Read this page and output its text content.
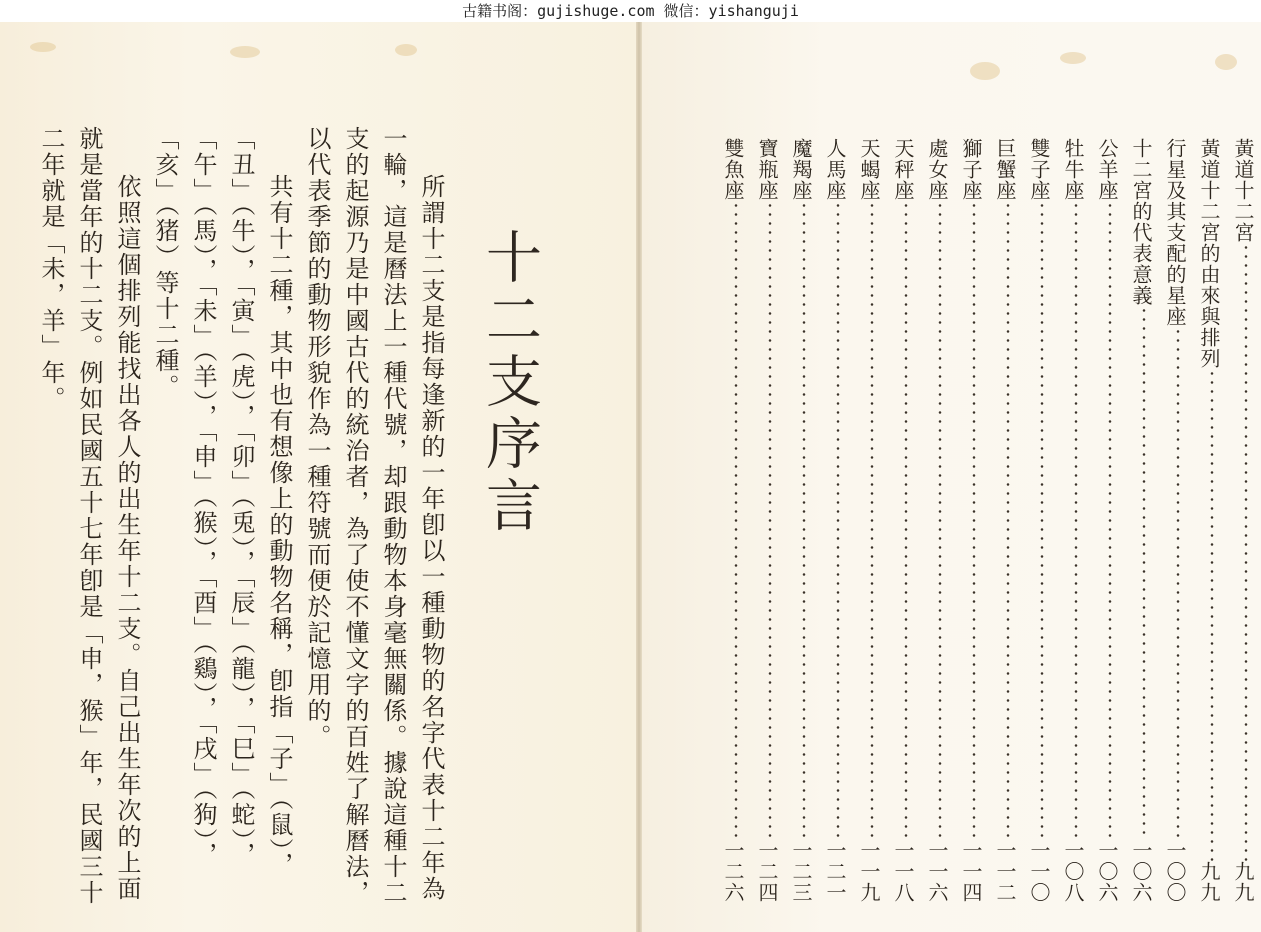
古籍书阁：gujishuge.com 微信：yishanguji
十二支序言

所謂十二支是指每逢新的一年卽以一種動物的名字代表十二年為一輪，這是曆法上一種代號，却跟動物本身毫無關係。據說這種十二支的起源乃是中國古代的統治者，為了使不懂文字的百姓了解曆法，以代表季節的動物形貌作為一種符號而便於記憶用的。

共有十二種，其中也有想像上的動物名稱，卽指「子」（鼠），「丑」（牛），「寅」（虎），「卯」（兎），「辰」（龍），「巳」（蛇），「午」（馬），「未」（羊），「申」（猴），「酉」（鷄），「戌」（狗），「亥」（猪）等十二種。

依照這個排列能找出各人的出生年十二支。自己出生年次的上面就是當年的十二支。例如民國五十七年卽是「申，猴」年，民國三十二年就是「未，羊」年。	黃道十二宮
九九
黃道十二宮的由來與排列
九九
行星及其支配的星座
一〇〇
十二宮的代表意義
一〇六
公羊座
一〇六
牡牛座
一〇八
雙子座
一一〇
巨蟹座
一一二
獅子座
一一四
處女座
一一六
天秤座
一一八
天蝎座
一一九
人馬座
一二一
魔羯座
一二三
寶瓶座
一二四
雙魚座
一二六
